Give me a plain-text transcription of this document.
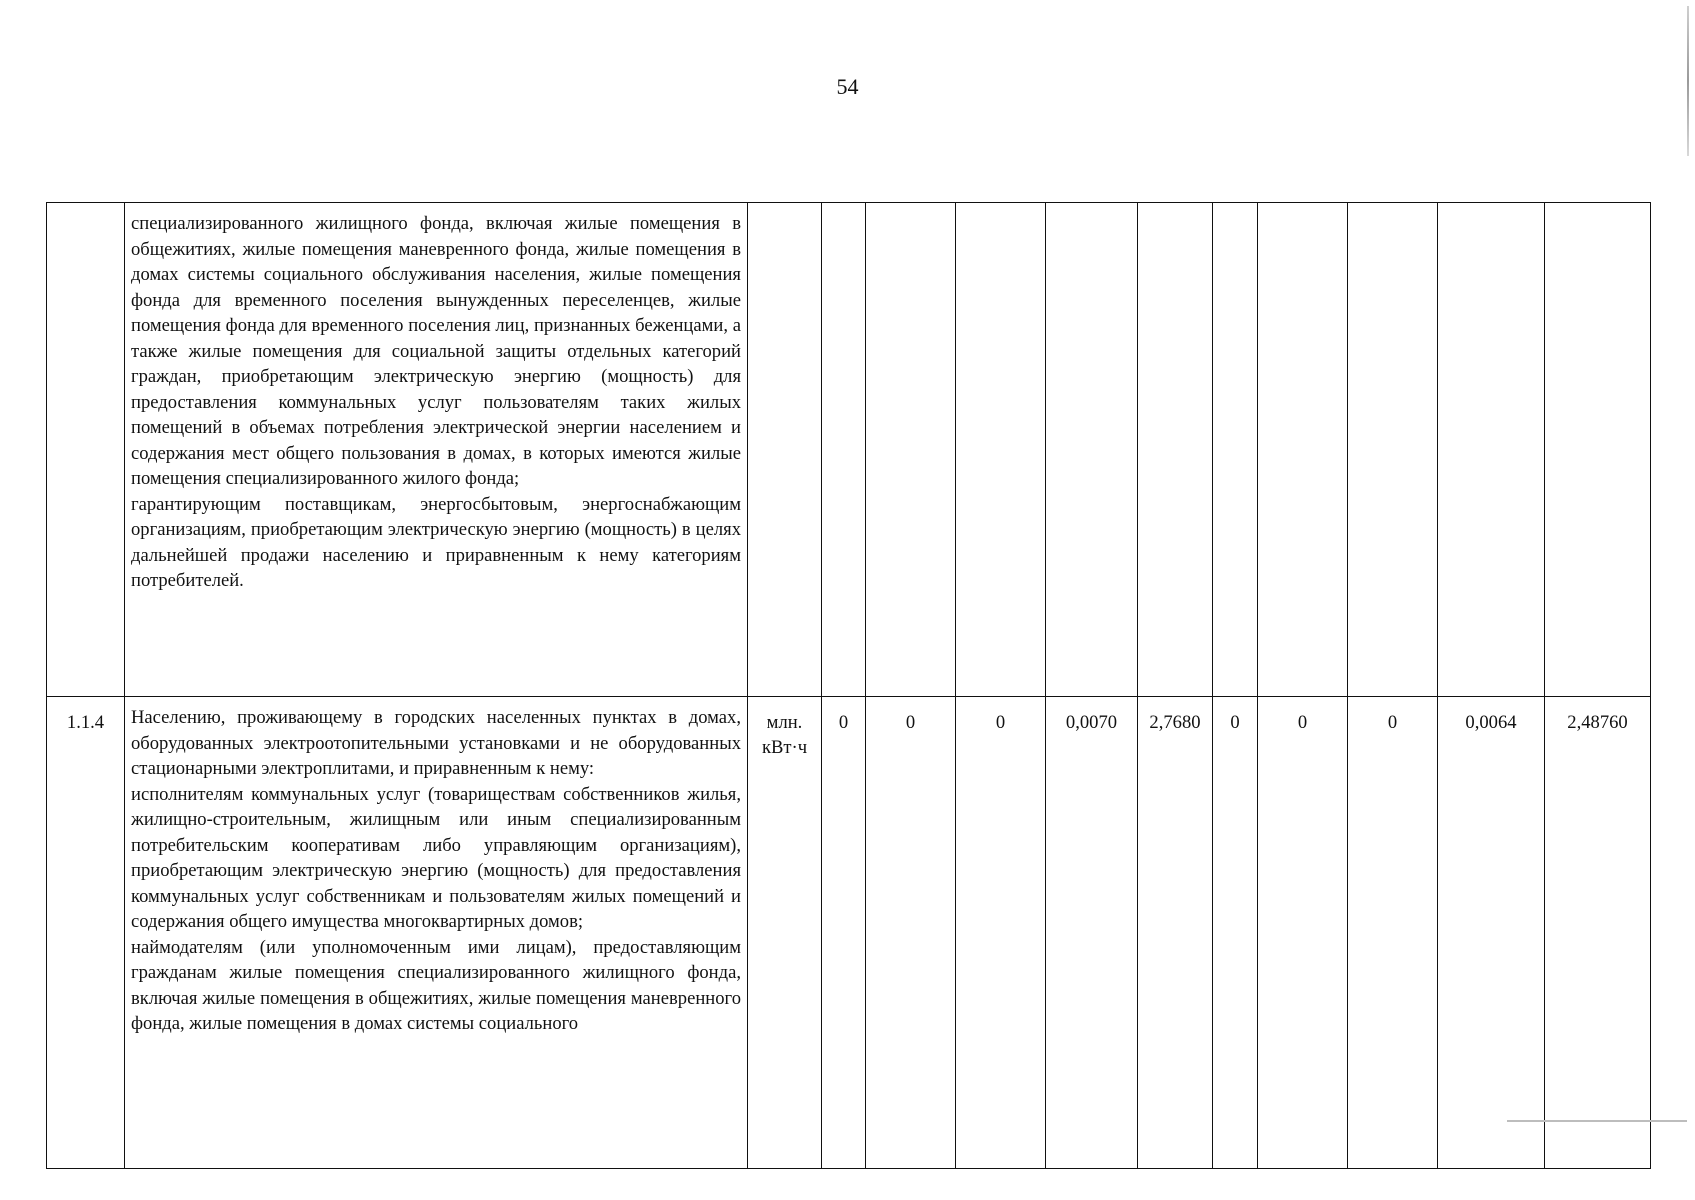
54

	специализированного жилищного фонда, включая жилые помещения в общежитиях, жилые помещения маневренного фонда, жилые помещения в домах системы социального обслуживания населения, жилые помещения фонда для временного поселения вынужденных переселенцев, жилые помещения фонда для временного поселения лиц, признанных беженцами, а также жилые помещения для социальной защиты отдельных категорий граждан, приобретающим электрическую энергию (мощность) для предоставления коммунальных услуг пользователям таких жилых помещений в объемах потребления электрической энергии населением и содержания мест общего пользования в домах, в которых имеются жилые помещения специализированного жилого фонда;

гарантирующим поставщикам, энергосбытовым, энергоснабжающим организациям, приобретающим электрическую энергию (мощность) в целях дальнейшей продажи населению и приравненным к нему категориям потребителей.											

1.1.4	Населению, проживающему в городских населенных пунктах в домах, оборудованных электроотопительными установками и не оборудованных стационарными электроплитами, и приравненным к нему:

исполнителям коммунальных услуг (товариществам собственников жилья, жилищно-строительным, жилищным или иным специализированным потребительским кооперативам либо управляющим организациям), приобретающим электрическую энергию (мощность) для предоставления коммунальных услуг собственникам и пользователям жилых помещений и содержания общего имущества многоквартирных домов;

наймодателям (или уполномоченным ими лицам), предоставляющим гражданам жилые помещения специализированного жилищного фонда, включая жилые помещения в общежитиях, жилые помещения маневренного фонда, жилые помещения в домах системы социального	млн. кВт·ч	0	0	0	0,0070	2,7680	0	0	0	0,0064	2,48760
